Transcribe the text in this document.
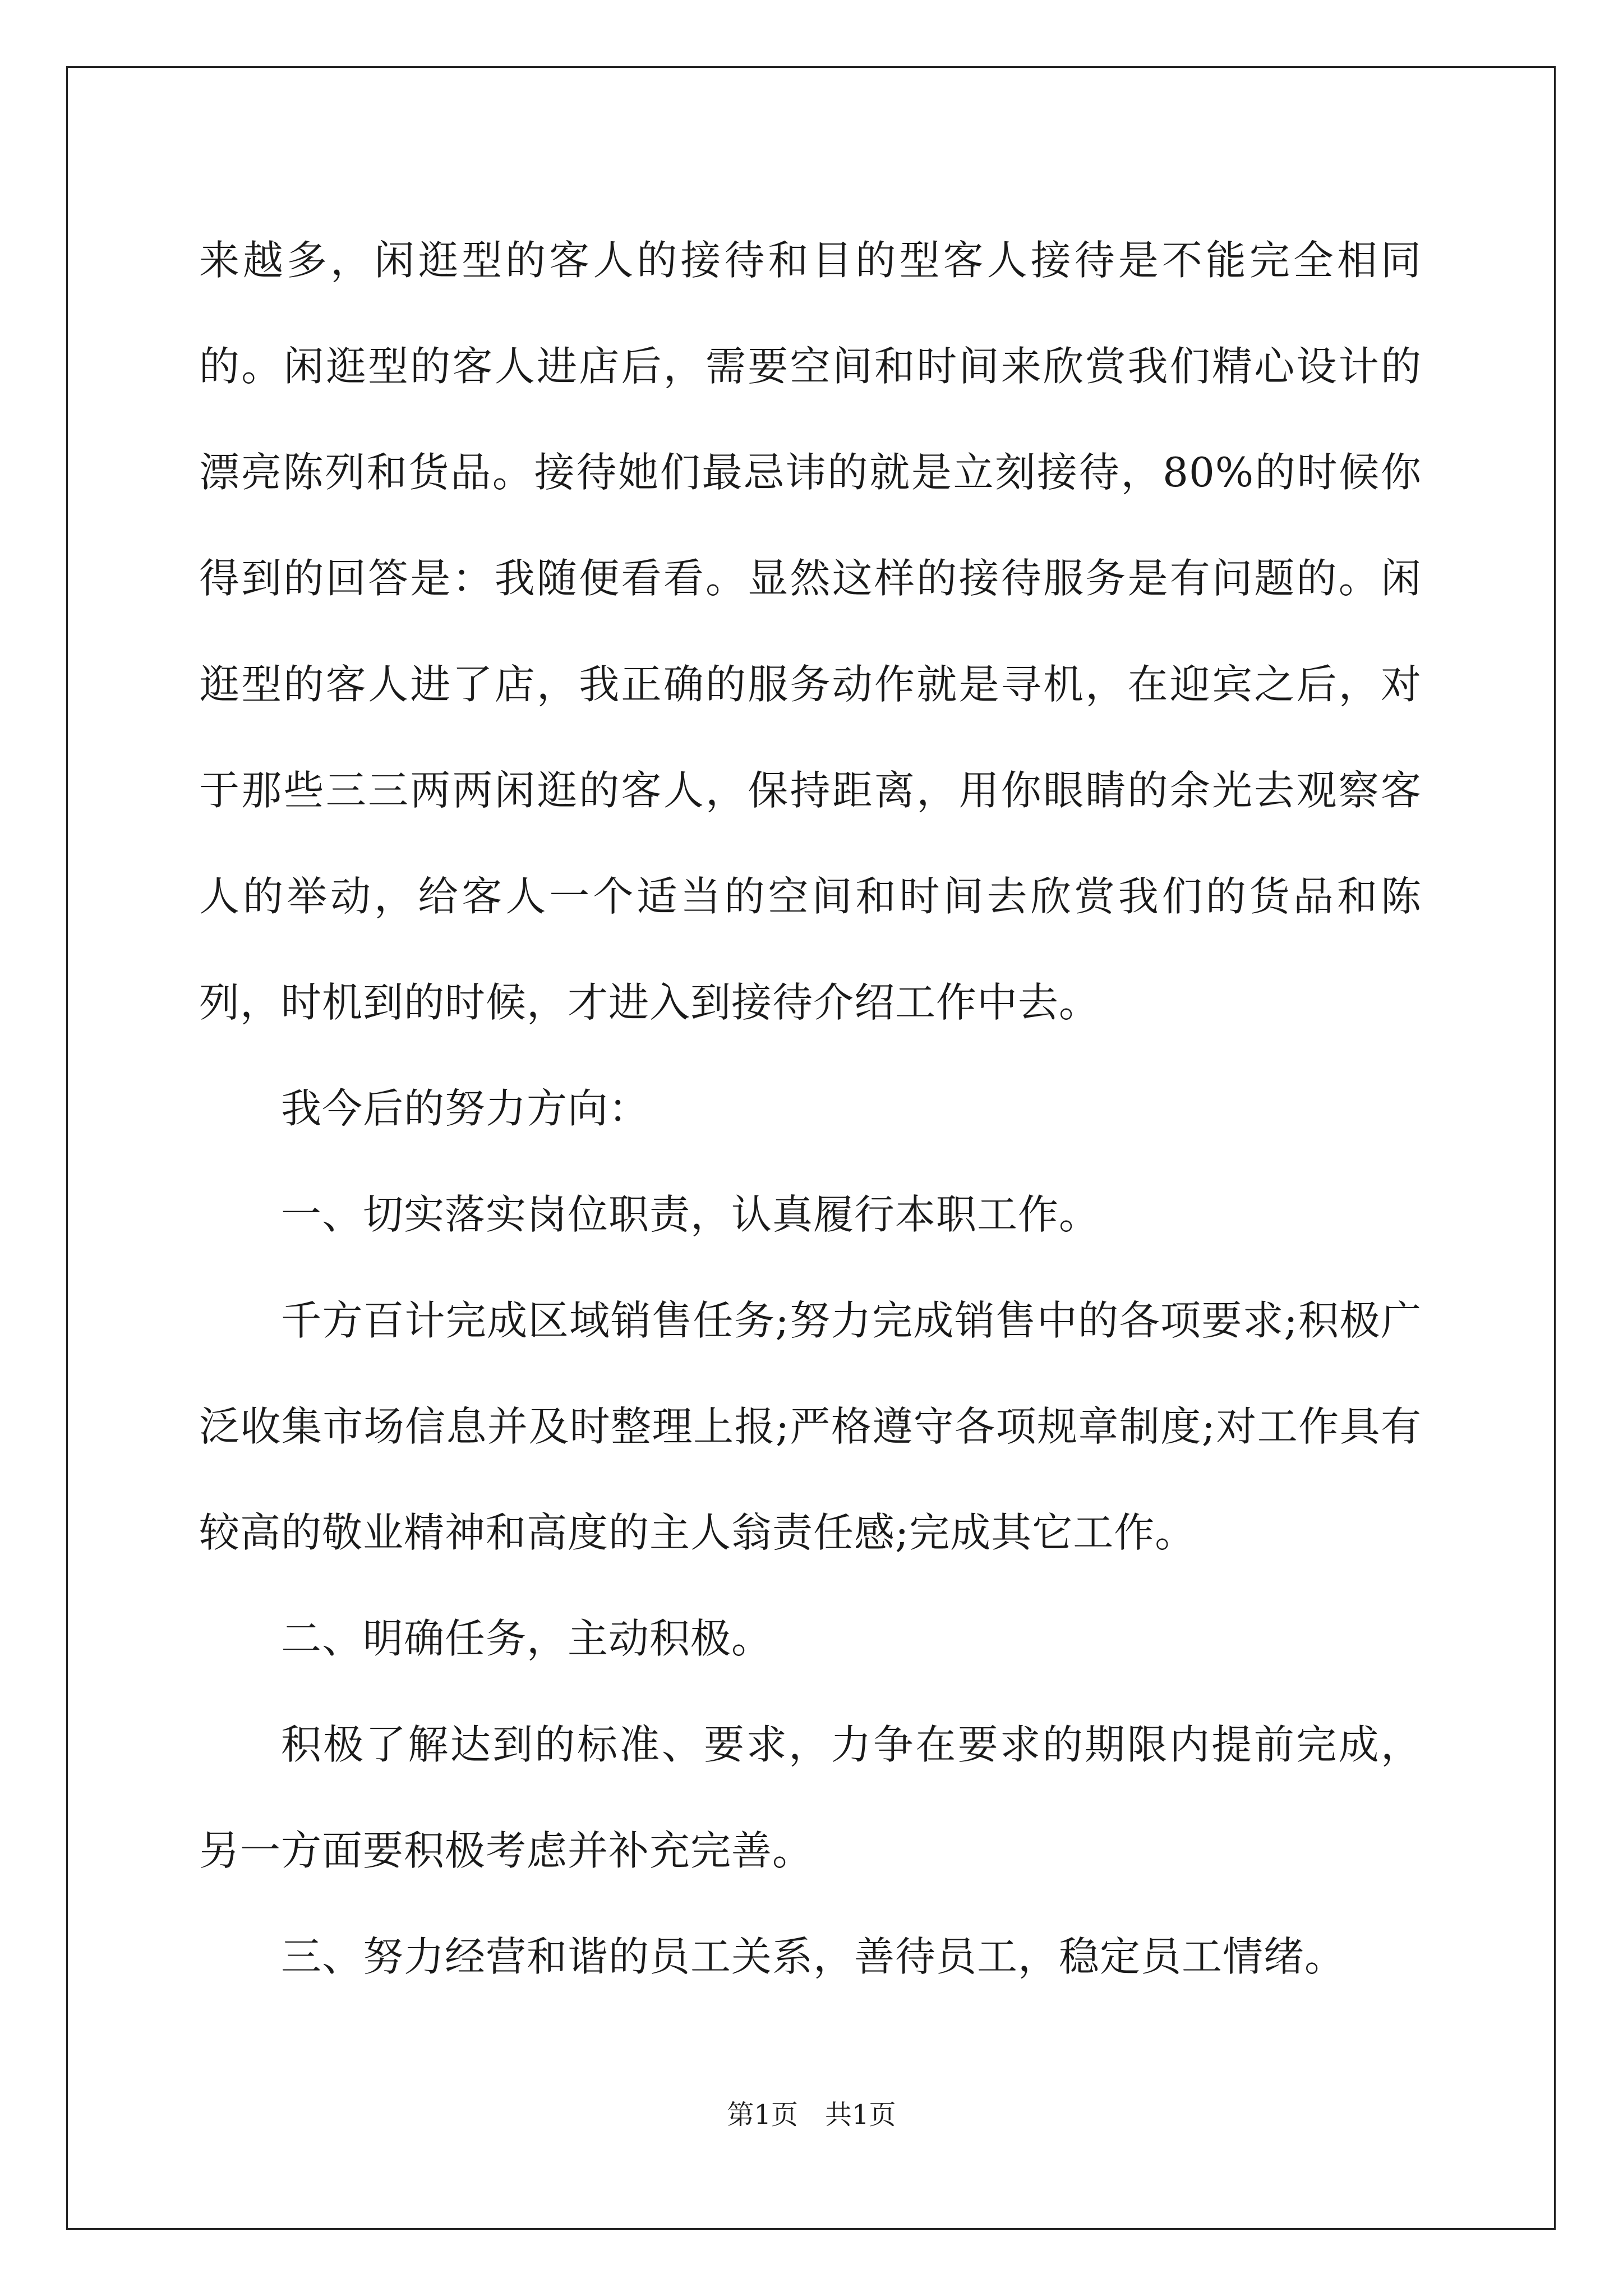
来越多，闲逛型的客人的接待和目的型客人接待是不能完全相同的。闲逛型的客人进店后，需要空间和时间来欣赏我们精心设计的漂亮陈列和货品。接待她们最忌讳的就是立刻接待，80%的时候你得到的回答是：我随便看看。显然这样的接待服务是有问题的。闲逛型的客人进了店，我正确的服务动作就是寻机，在迎宾之后，对于那些三三两两闲逛的客人，保持距离，用你眼睛的余光去观察客人的举动，给客人一个适当的空间和时间去欣赏我们的货品和陈列，时机到的时候，才进入到接待介绍工作中去。

我今后的努力方向：

一、切实落实岗位职责，认真履行本职工作。

千方百计完成区域销售任务;努力完成销售中的各项要求;积极广泛收集市场信息并及时整理上报;严格遵守各项规章制度;对工作具有较高的敬业精神和高度的主人翁责任感;完成其它工作。

二、明确任务，主动积极。

积极了解达到的标准、要求，力争在要求的期限内提前完成，另一方面要积极考虑并补充完善。

三、努力经营和谐的员工关系，善待员工，稳定员工情绪。

第1页　共1页
